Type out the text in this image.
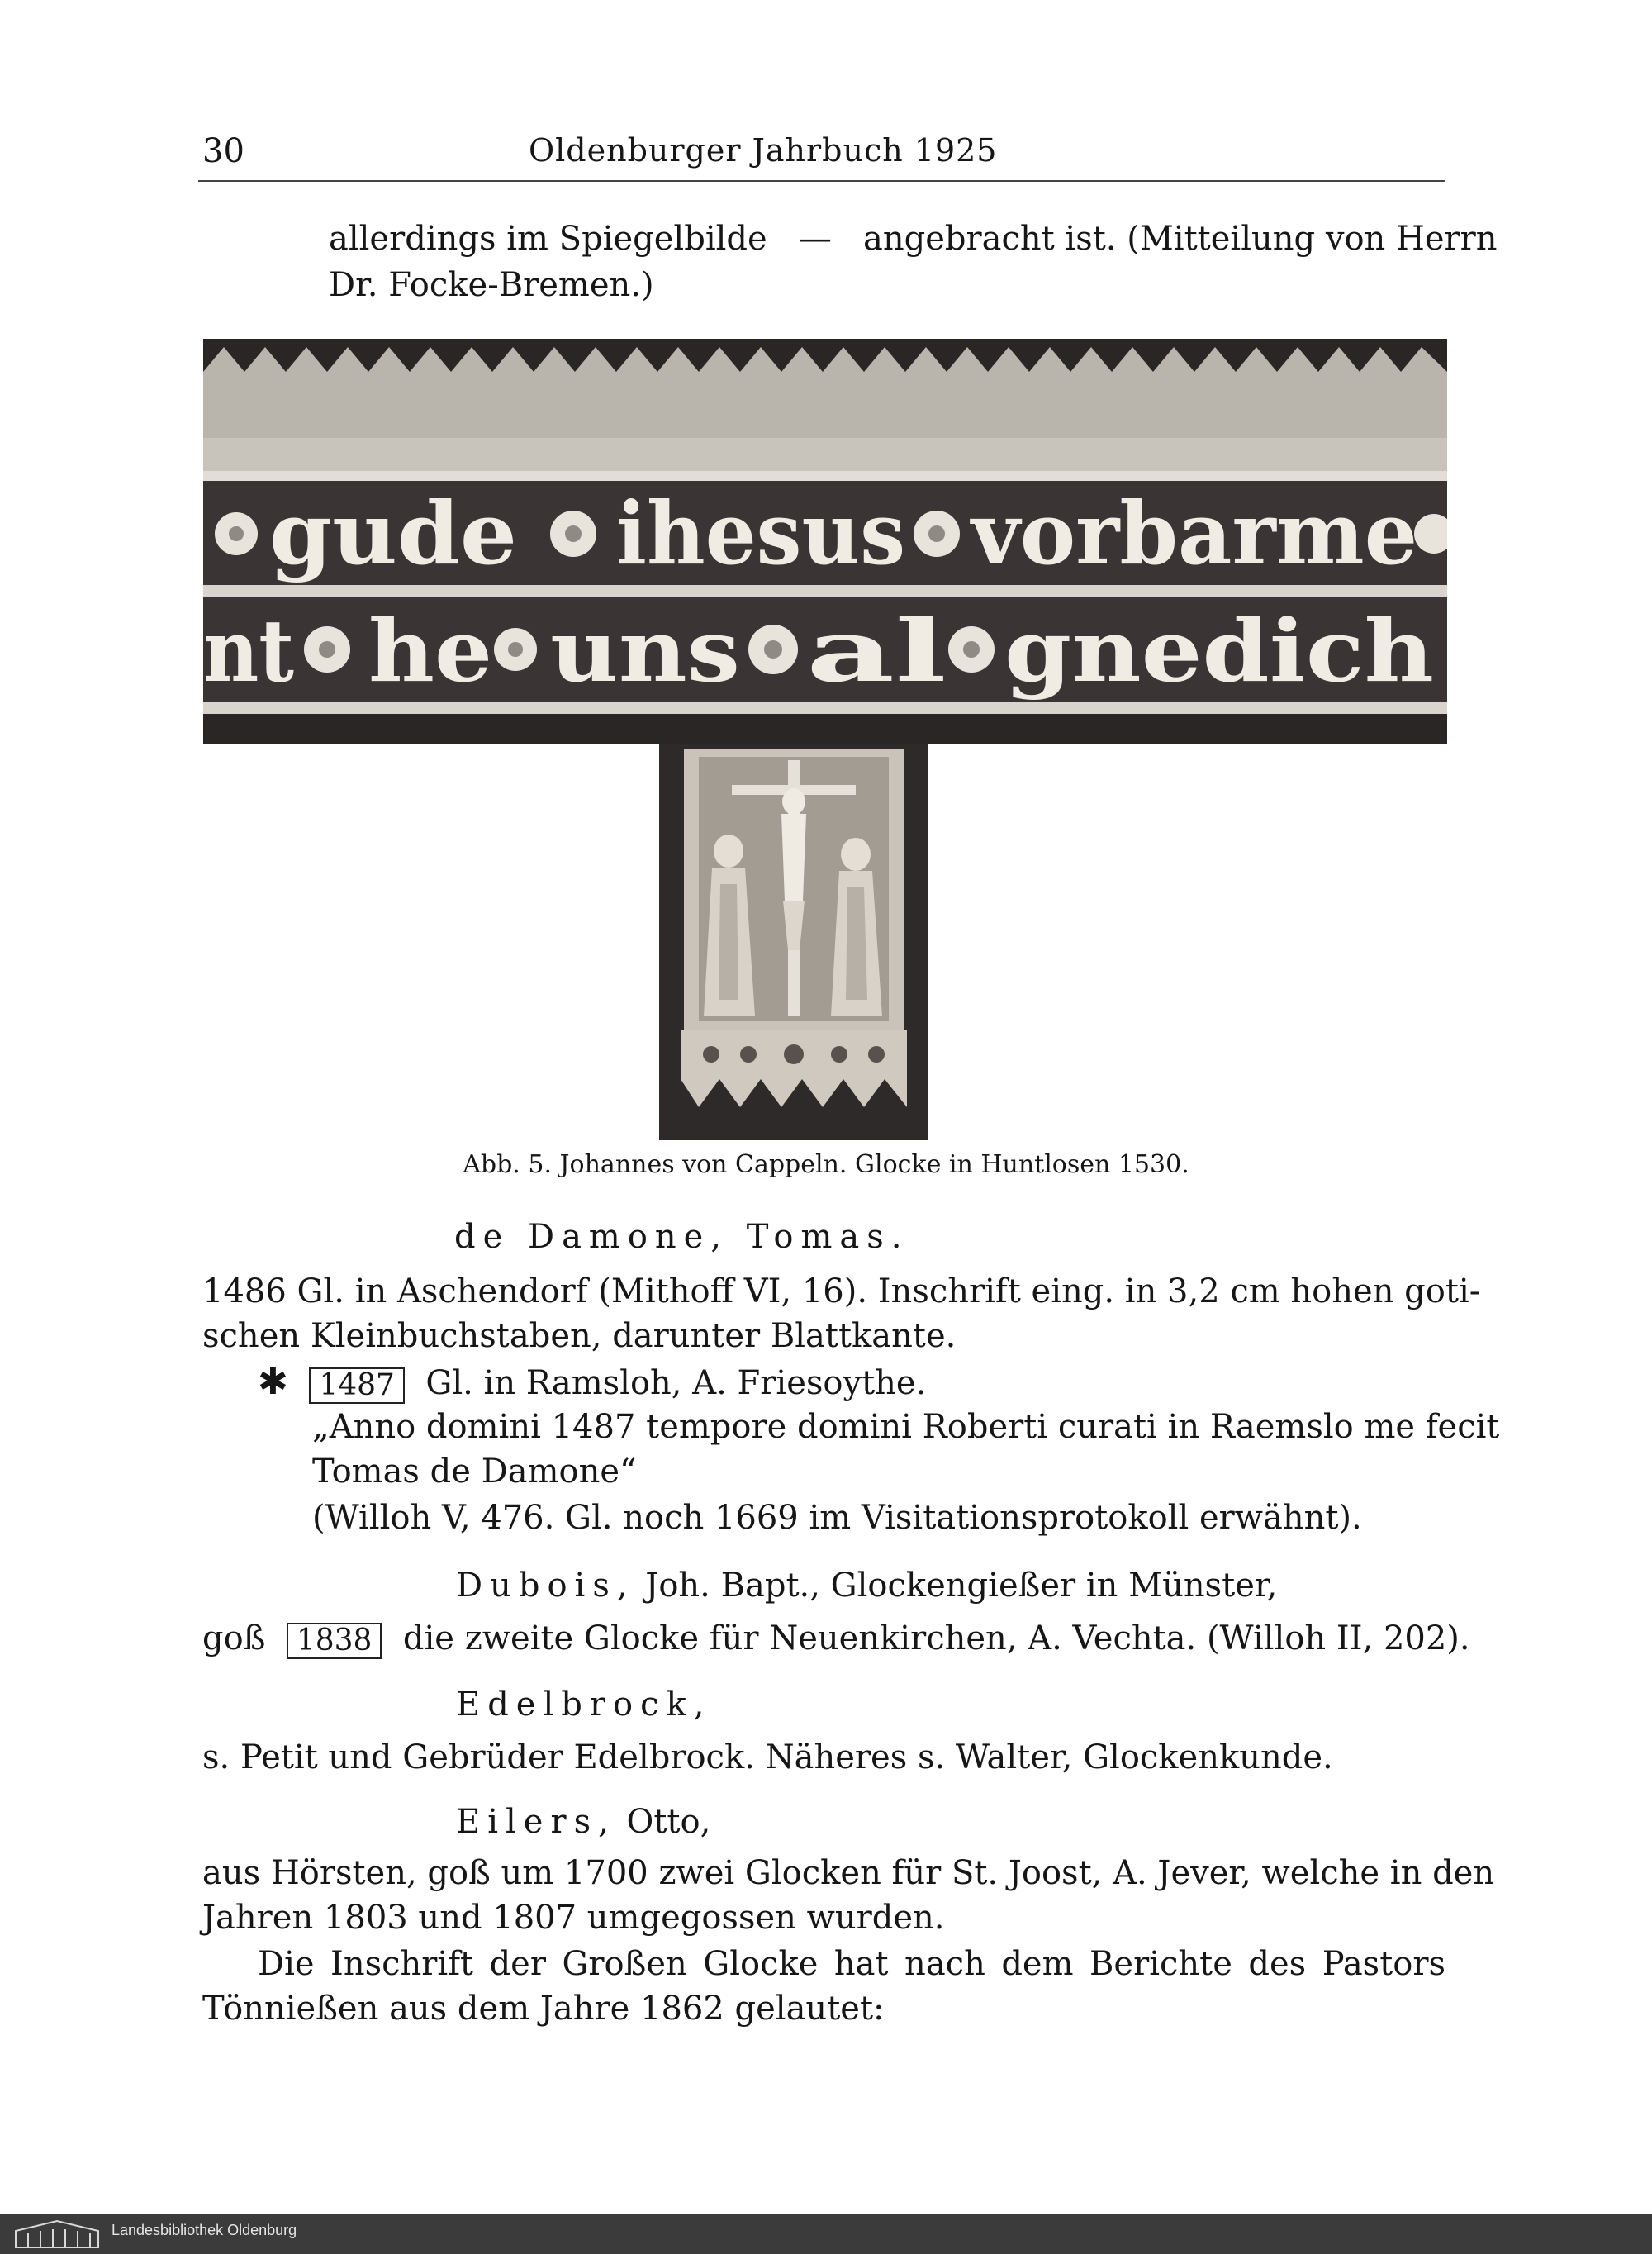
30	Oldenburger Jahrbuch 1925
allerdings im Spiegelbilde — angebracht ist. (Mitteilung von Herrn
Dr. Focke-Bremen.)
gude ihesus vorbarme
nt he uns al gnedich
Abb. 5. Johannes von Cappeln. Glocke in Huntlosen 1530.
de Damone, Tomas.
1486 Gl. in Aschendorf (Mithoff VI, 16). Inschrift eing. in 3,2 cm hohen goti-
schen Kleinbuchstaben, darunter Blattkante.
✱ 1487 Gl. in Ramsloh, A. Friesoythe.
„Anno domini 1487 tempore domini Roberti curati in Raemslo me fecit
Tomas de Damone“
(Willoh V, 476. Gl. noch 1669 im Visitationsprotokoll erwähnt).
Dubois, Joh. Bapt., Glockengießer in Münster,
goß 1838 die zweite Glocke für Neuenkirchen, A. Vechta. (Willoh II, 202).
Edelbrock,
s. Petit und Gebrüder Edelbrock. Näheres s. Walter, Glockenkunde.
Eilers, Otto,
aus Hörsten, goß um 1700 zwei Glocken für St. Joost, A. Jever, welche in den
Jahren 1803 und 1807 umgegossen wurden.
Die Inschrift der Großen Glocke hat nach dem Berichte des Pastors
Tönnießen aus dem Jahre 1862 gelautet:
Landesbibliothek Oldenburg
